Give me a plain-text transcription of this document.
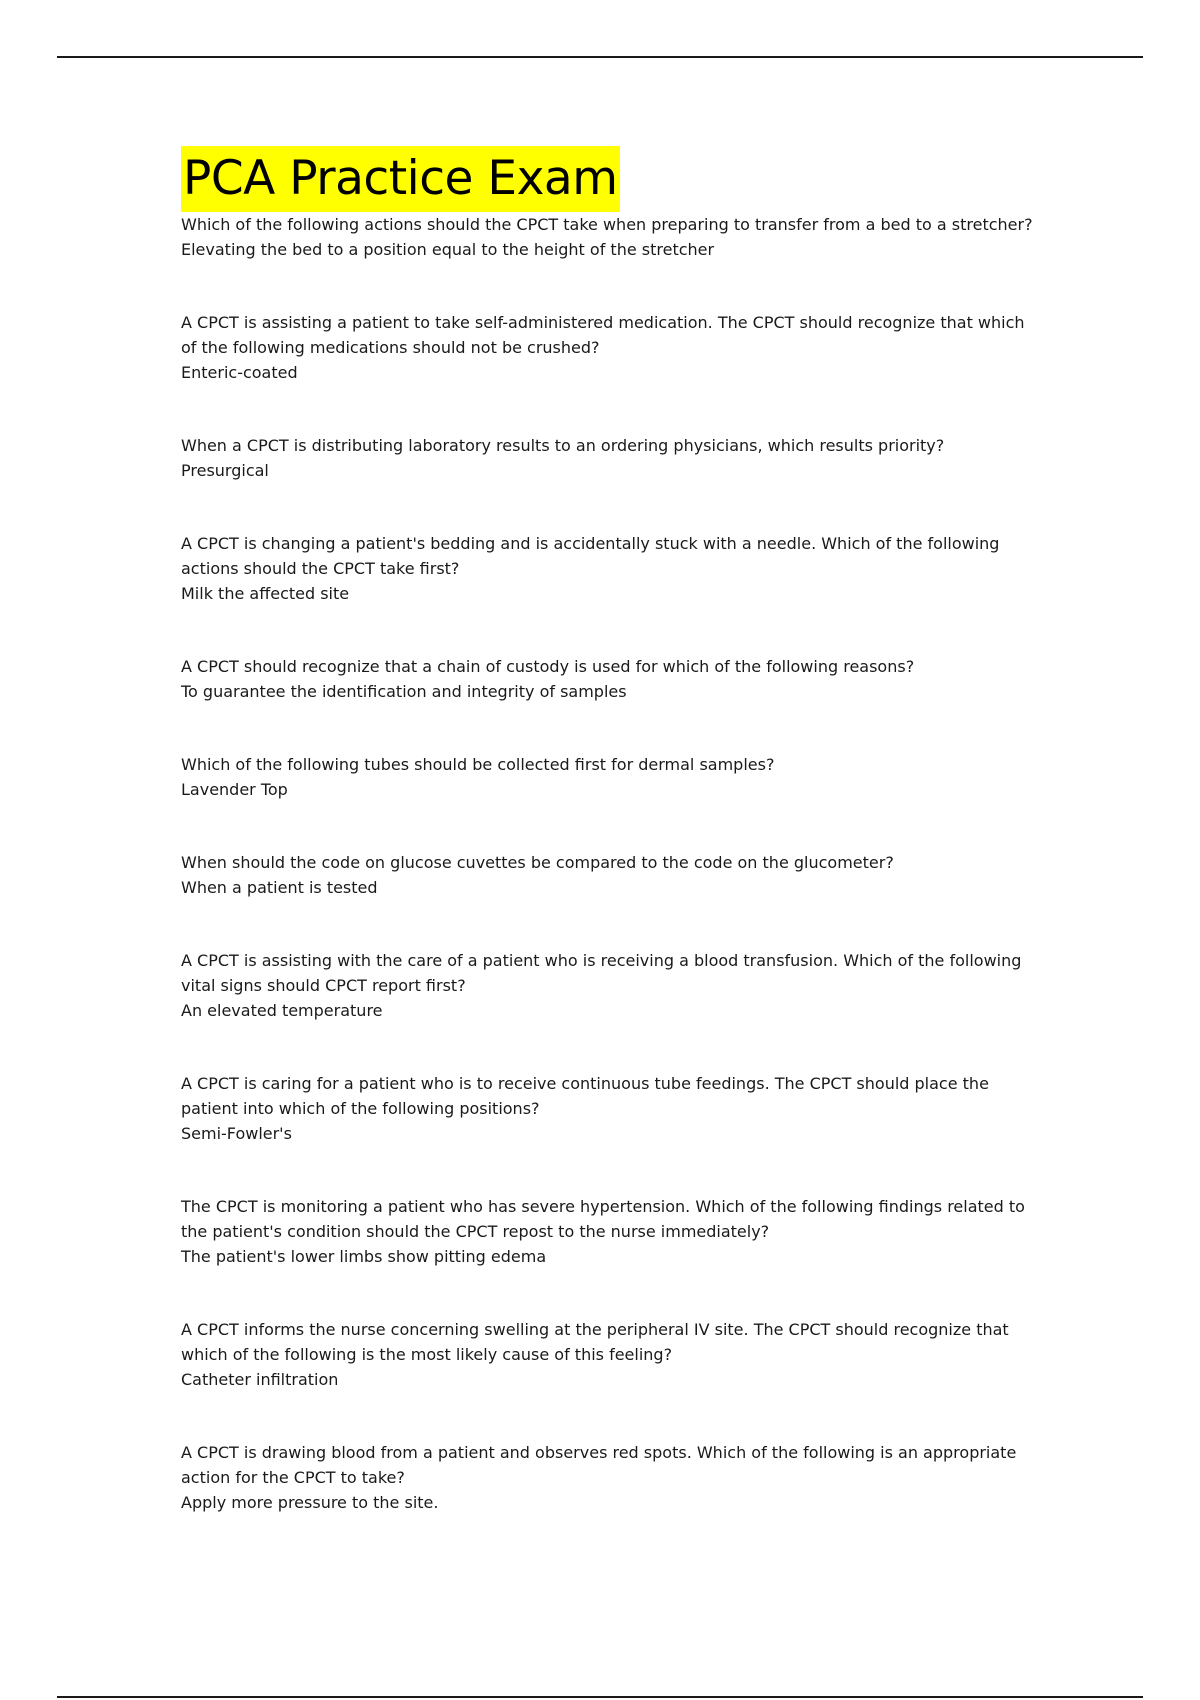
PCA Practice Exam
Which of the following actions should the CPCT take when preparing to transfer from a bed to a stretcher?
Elevating the bed to a position equal to the height of the stretcher
A CPCT is assisting a patient to take self-administered medication. The CPCT should recognize that which of the following medications should not be crushed?
Enteric-coated
When a CPCT is distributing laboratory results to an ordering physicians, which results priority?
Presurgical
A CPCT is changing a patient's bedding and is accidentally stuck with a needle. Which of the following actions should the CPCT take first?
Milk the affected site
A CPCT should recognize that a chain of custody is used for which of the following reasons?
To guarantee the identification and integrity of samples
Which of the following tubes should be collected first for dermal samples?
Lavender Top
When should the code on glucose cuvettes be compared to the code on the glucometer?
When a patient is tested
A CPCT is assisting with the care of a patient who is receiving a blood transfusion. Which of the following vital signs should CPCT report first?
An elevated temperature
A CPCT is caring for a patient who is to receive continuous tube feedings. The CPCT should place the patient into which of the following positions?
Semi-Fowler's
The CPCT is monitoring a patient who has severe hypertension. Which of the following findings related to the patient's condition should the CPCT repost to the nurse immediately?
The patient's lower limbs show pitting edema
A CPCT informs the nurse concerning swelling at the peripheral IV site. The CPCT should recognize that which of the following is the most likely cause of this feeling?
Catheter infiltration
A CPCT is drawing blood from a patient and observes red spots. Which of the following is an appropriate action for the CPCT to take?
Apply more pressure to the site.
